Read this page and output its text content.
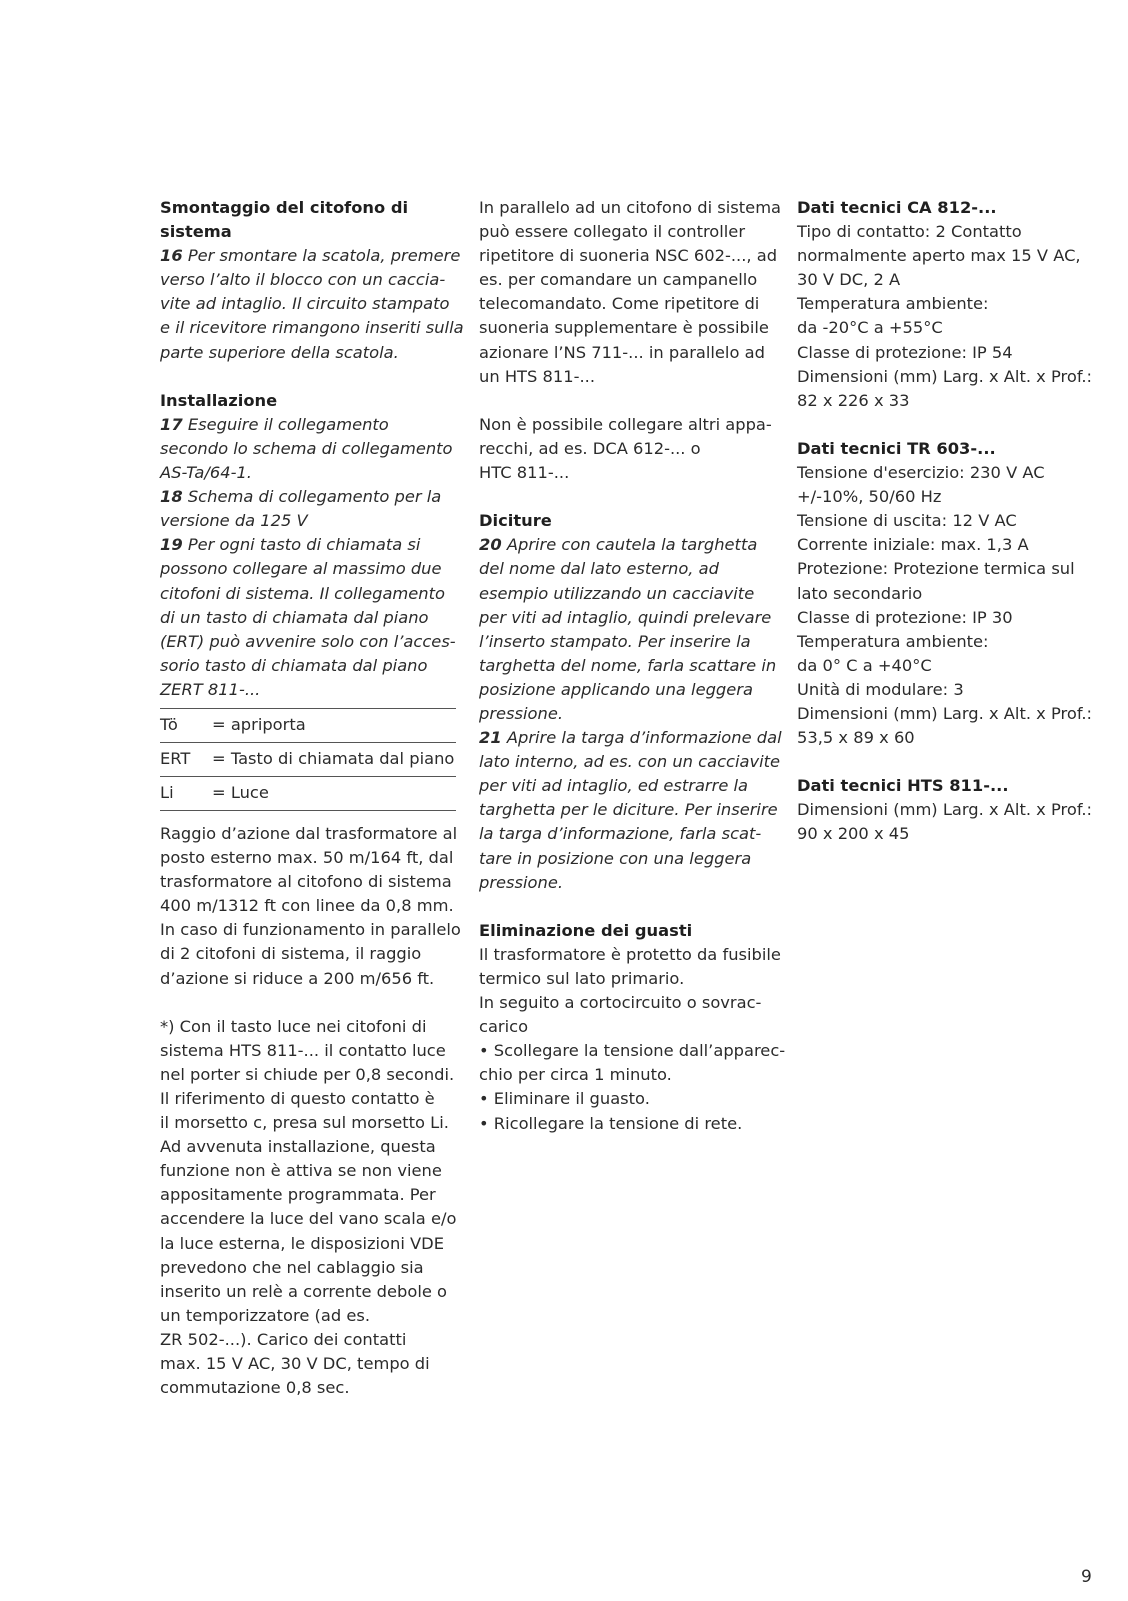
Smontaggio del citofono di
sistema
16 Per smontare la scatola, premere
verso l’alto il blocco con un caccia-
vite ad intaglio. Il circuito stampato
e il ricevitore rimangono inseriti sulla
parte superiore della scatola.
Installazione
17 Eseguire il collegamento
secondo lo schema di collegamento
AS-Ta/64-1.
18 Schema di collegamento per la
versione da 125 V
19 Per ogni tasto di chiamata si
possono collegare al massimo due
citofoni di sistema. Il collegamento
di un tasto di chiamata dal piano
(ERT) può avvenire solo con l’acces-
sorio tasto di chiamata dal piano
ZERT 811-...
Tö	= apriporta
ERT	= Tasto di chiamata dal piano
Li	= Luce
Raggio d’azione dal trasformatore al
posto esterno max. 50 m/164 ft, dal
trasformatore al citofono di sistema
400 m/1312 ft con linee da 0,8 mm.
In caso di funzionamento in parallelo
di 2 citofoni di sistema, il raggio
d’azione si riduce a 200 m/656 ft.
*) Con il tasto luce nei citofoni di
sistema HTS 811-... il contatto luce
nel porter si chiude per 0,8 secondi.
Il riferimento di questo contatto è
il morsetto c, presa sul morsetto Li.
Ad avvenuta installazione, questa
funzione non è attiva se non viene
appositamente programmata. Per
accendere la luce del vano scala e/o
la luce esterna, le disposizioni VDE
prevedono che nel cablaggio sia
inserito un relè a corrente debole o
un temporizzatore (ad es.
ZR 502-...). Carico dei contatti
max. 15 V AC, 30 V DC, tempo di
commutazione 0,8 sec.
In parallelo ad un citofono di sistema
può essere collegato il controller
ripetitore di suoneria NSC 602-..., ad
es. per comandare un campanello
telecomandato. Come ripetitore di
suoneria supplementare è possibile
azionare l’NS 711-... in parallelo ad
un HTS 811-...
Non è possibile collegare altri appa-
recchi, ad es. DCA 612-... o
HTC 811-...
Diciture
20 Aprire con cautela la targhetta
del nome dal lato esterno, ad
esempio utilizzando un cacciavite
per viti ad intaglio, quindi prelevare
l’inserto stampato. Per inserire la
targhetta del nome, farla scattare in
posizione applicando una leggera
pressione.
21 Aprire la targa d’informazione dal
lato interno, ad es. con un cacciavite
per viti ad intaglio, ed estrarre la
targhetta per le diciture. Per inserire
la targa d’informazione, farla scat-
tare in posizione con una leggera
pressione.
Eliminazione dei guasti
Il trasformatore è protetto da fusibile
termico sul lato primario.
In seguito a cortocircuito o sovrac-
carico
• Scollegare la tensione dall’apparec-
chio per circa 1 minuto.
• Eliminare il guasto.
• Ricollegare la tensione di rete.
Dati tecnici CA 812-...
Tipo di contatto: 2 Contatto
normalmente aperto max 15 V AC,
30 V DC, 2 A
Temperatura ambiente:
da -20°C a +55°C
Classe di protezione: IP 54
Dimensioni (mm) Larg. x Alt. x Prof.:
82 x 226 x 33
Dati tecnici TR 603-...
Tensione d'esercizio: 230 V AC
+/-10%, 50/60 Hz
Tensione di uscita: 12 V AC
Corrente iniziale: max. 1,3 A
Protezione: Protezione termica sul
lato secondario
Classe di protezione: IP 30
Temperatura ambiente:
da 0° C a +40°C
Unità di modulare: 3
Dimensioni (mm) Larg. x Alt. x Prof.:
53,5 x 89 x 60
Dati tecnici HTS 811-...
Dimensioni (mm) Larg. x Alt. x Prof.:
90 x 200 x 45
9
